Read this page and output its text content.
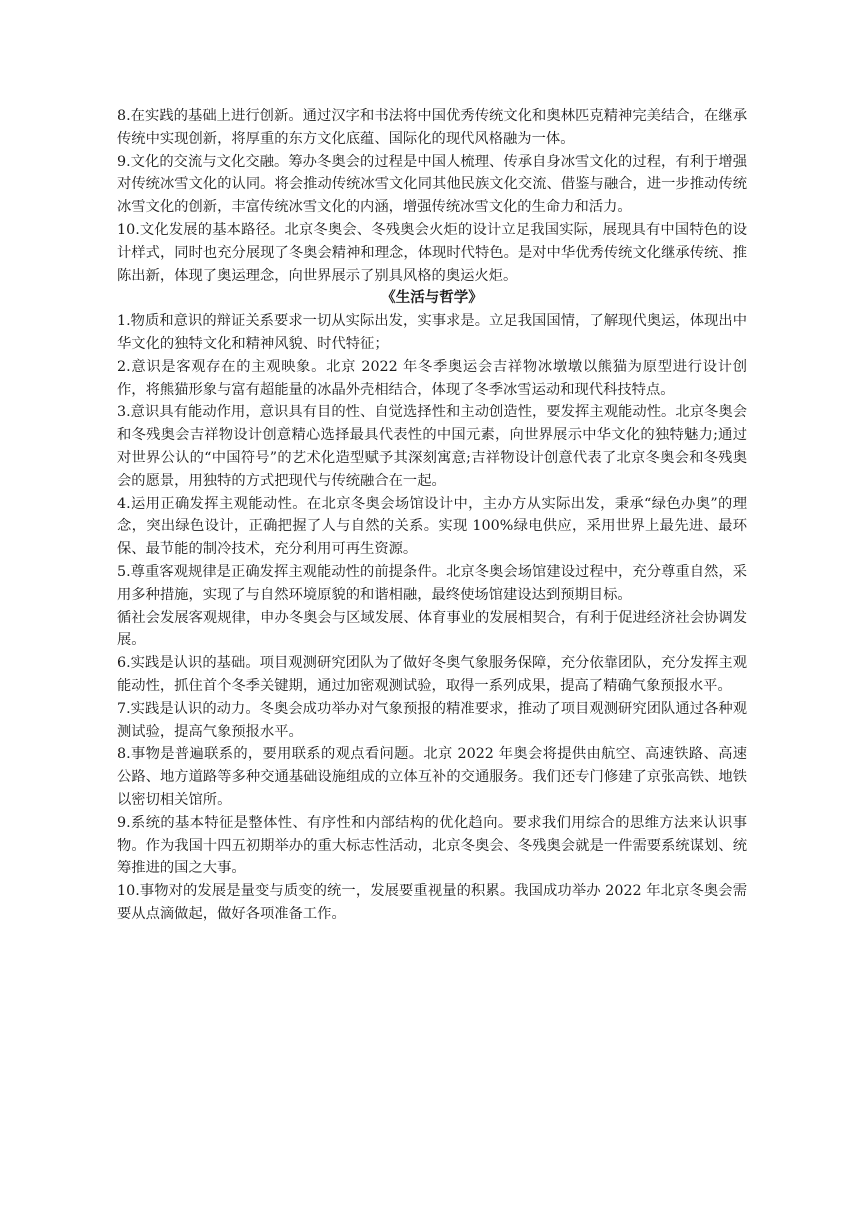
8.在实践的基础上进行创新。通过汉字和书法将中国优秀传统文化和奥林匹克精神完美结合，在继承传统中实现创新，将厚重的东方文化底蕴、国际化的现代风格融为一体。

9.文化的交流与文化交融。筹办冬奥会的过程是中国人梳理、传承自身冰雪文化的过程，有利于增强对传统冰雪文化的认同。将会推动传统冰雪文化同其他民族文化交流、借鉴与融合，进一步推动传统冰雪文化的创新，丰富传统冰雪文化的内涵，增强传统冰雪文化的生命力和活力。

10.文化发展的基本路径。北京冬奥会、冬残奥会火炬的设计立足我国实际，展现具有中国特色的设计样式，同时也充分展现了冬奥会精神和理念，体现时代特色。是对中华优秀传统文化继承传统、推陈出新，体现了奥运理念，向世界展示了别具风格的奥运火炬。

《生活与哲学》

1.物质和意识的辩证关系要求一切从实际出发，实事求是。立足我国国情，了解现代奥运，体现出中华文化的独特文化和精神风貌、时代特征；

2.意识是客观存在的主观映象。北京 2022 年冬季奥运会吉祥物冰墩墩以熊猫为原型进行设计创作，将熊猫形象与富有超能量的冰晶外壳相结合，体现了冬季冰雪运动和现代科技特点。

3.意识具有能动作用，意识具有目的性、自觉选择性和主动创造性，要发挥主观能动性。北京冬奥会和冬残奥会吉祥物设计创意精心选择最具代表性的中国元素，向世界展示中华文化的独特魅力;通过对世界公认的“中国符号”的艺术化造型赋予其深刻寓意;吉祥物设计创意代表了北京冬奥会和冬残奥会的愿景，用独特的方式把现代与传统融合在一起。

4.运用正确发挥主观能动性。在北京冬奥会场馆设计中，主办方从实际出发，秉承“绿色办奥”的理念，突出绿色设计，正确把握了人与自然的关系。实现 100%绿电供应，采用世界上最先进、最环保、最节能的制冷技术，充分利用可再生资源。

5.尊重客观规律是正确发挥主观能动性的前提条件。北京冬奥会场馆建设过程中，充分尊重自然，采用多种措施，实现了与自然环境原貌的和谐相融，最终使场馆建设达到预期目标。

循社会发展客观规律，申办冬奥会与区域发展、体育事业的发展相契合，有利于促进经济社会协调发展。

6.实践是认识的基础。项目观测研究团队为了做好冬奥气象服务保障，充分依靠团队，充分发挥主观能动性，抓住首个冬季关键期，通过加密观测试验，取得一系列成果，提高了精确气象预报水平。

7.实践是认识的动力。冬奥会成功举办对气象预报的精准要求，推动了项目观测研究团队通过各种观测试验，提高气象预报水平。

8.事物是普遍联系的，要用联系的观点看问题。北京 2022 年奥会将提供由航空、高速铁路、高速公路、地方道路等多种交通基础设施组成的立体互补的交通服务。我们还专门修建了京张高铁、地铁以密切相关馆所。

9.系统的基本特征是整体性、有序性和内部结构的优化趋向。要求我们用综合的思维方法来认识事物。作为我国十四五初期举办的重大标志性活动，北京冬奥会、冬残奥会就是一件需要系统谋划、统筹推进的国之大事。

10.事物对的发展是量变与质变的统一，发展要重视量的积累。我国成功举办 2022 年北京冬奥会需要从点滴做起，做好各项准备工作。
